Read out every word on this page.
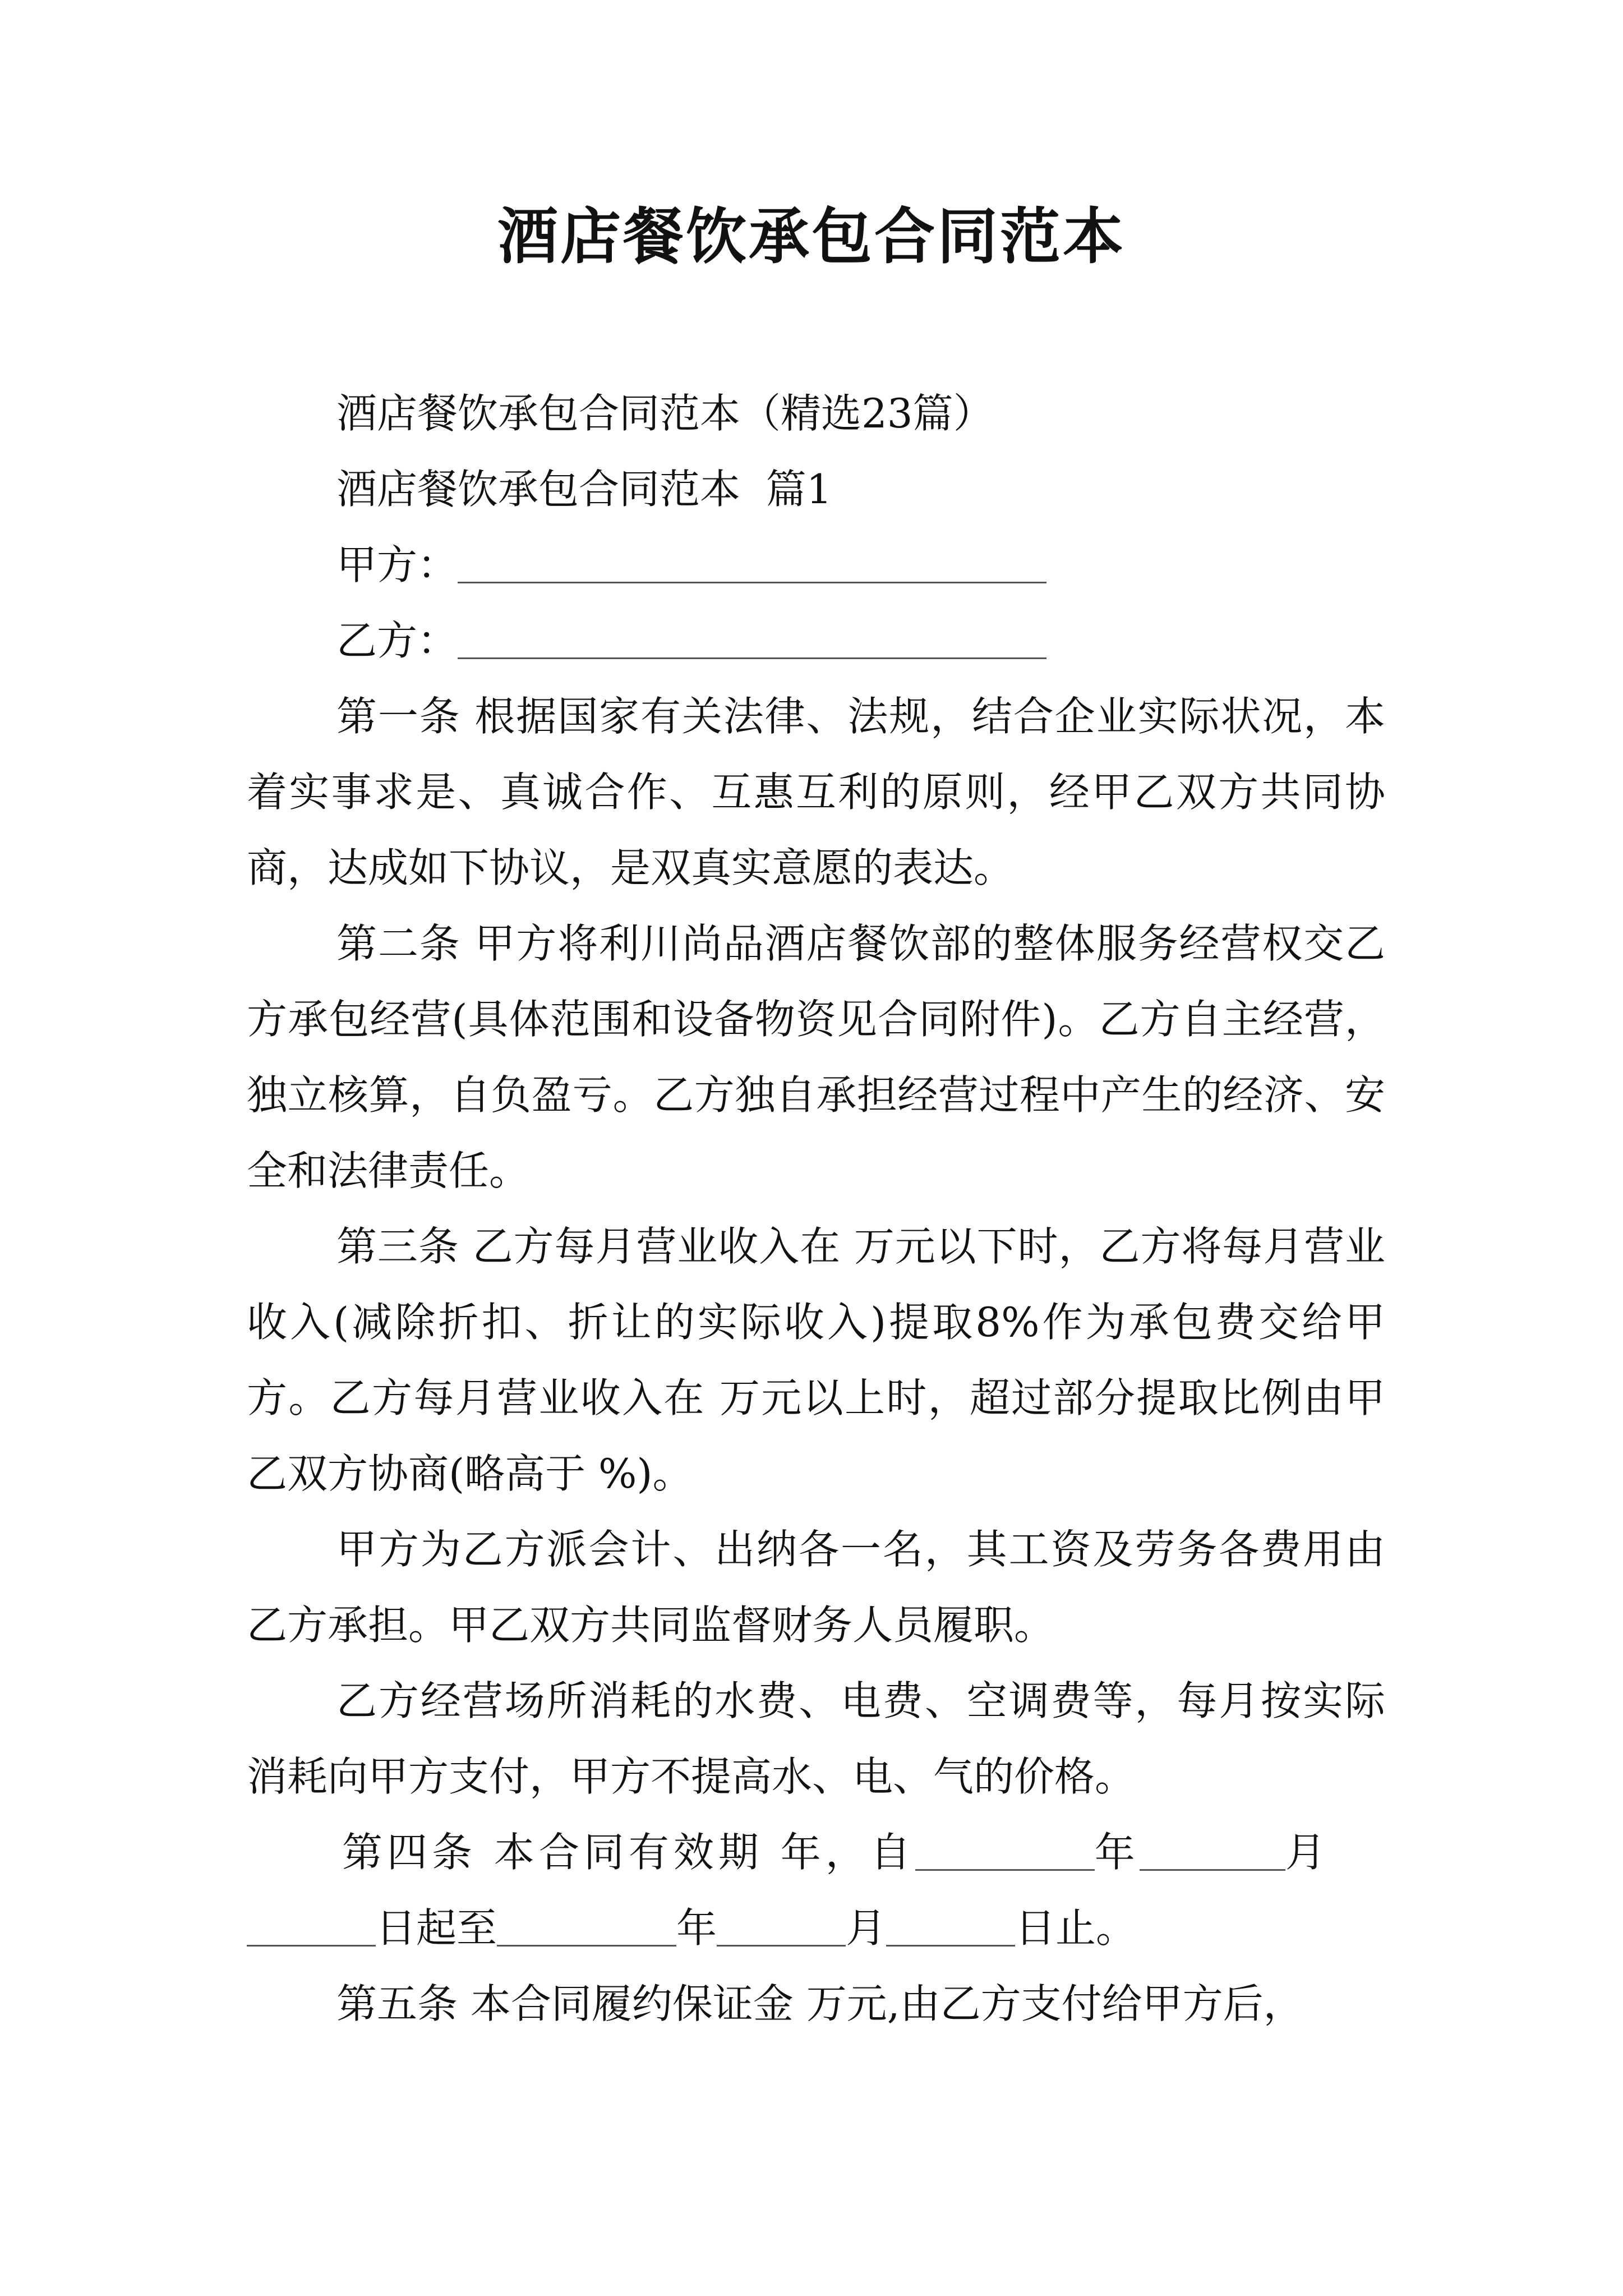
酒店餐饮承包合同范本

酒店餐饮承包合同范本（精选23篇）

酒店餐饮承包合同范本  篇1

甲方：

乙方：

第一条 根据国家有关法律、法规，结合企业实际状况，本着实事求是、真诚合作、互惠互利的原则，经甲乙双方共同协商，达成如下协议，是双真实意愿的表达。

第二条 甲方将利川尚品酒店餐饮部的整体服务经营权交乙方承包经营(具体范围和设备物资见合同附件)。乙方自主经营，独立核算，自负盈亏。乙方独自承担经营过程中产生的经济、安全和法律责任。

第三条 乙方每月营业收入在 万元以下时，乙方将每月营业收入(减除折扣、折让的实际收入)提取8%作为承包费交给甲方。乙方每月营业收入在 万元以上时，超过部分提取比例由甲乙双方协商(略高于 %)。

甲方为乙方派会计、出纳各一名，其工资及劳务各费用由乙方承担。甲乙双方共同监督财务人员履职。

乙方经营场所消耗的水费、电费、空调费等，每月按实际消耗向甲方支付，甲方不提高水、电、气的价格。

第四条 本合同有效期 年，自	年	月

日起至	年	月	日止。

第五条 本合同履约保证金 万元,由乙方支付给甲方后，
